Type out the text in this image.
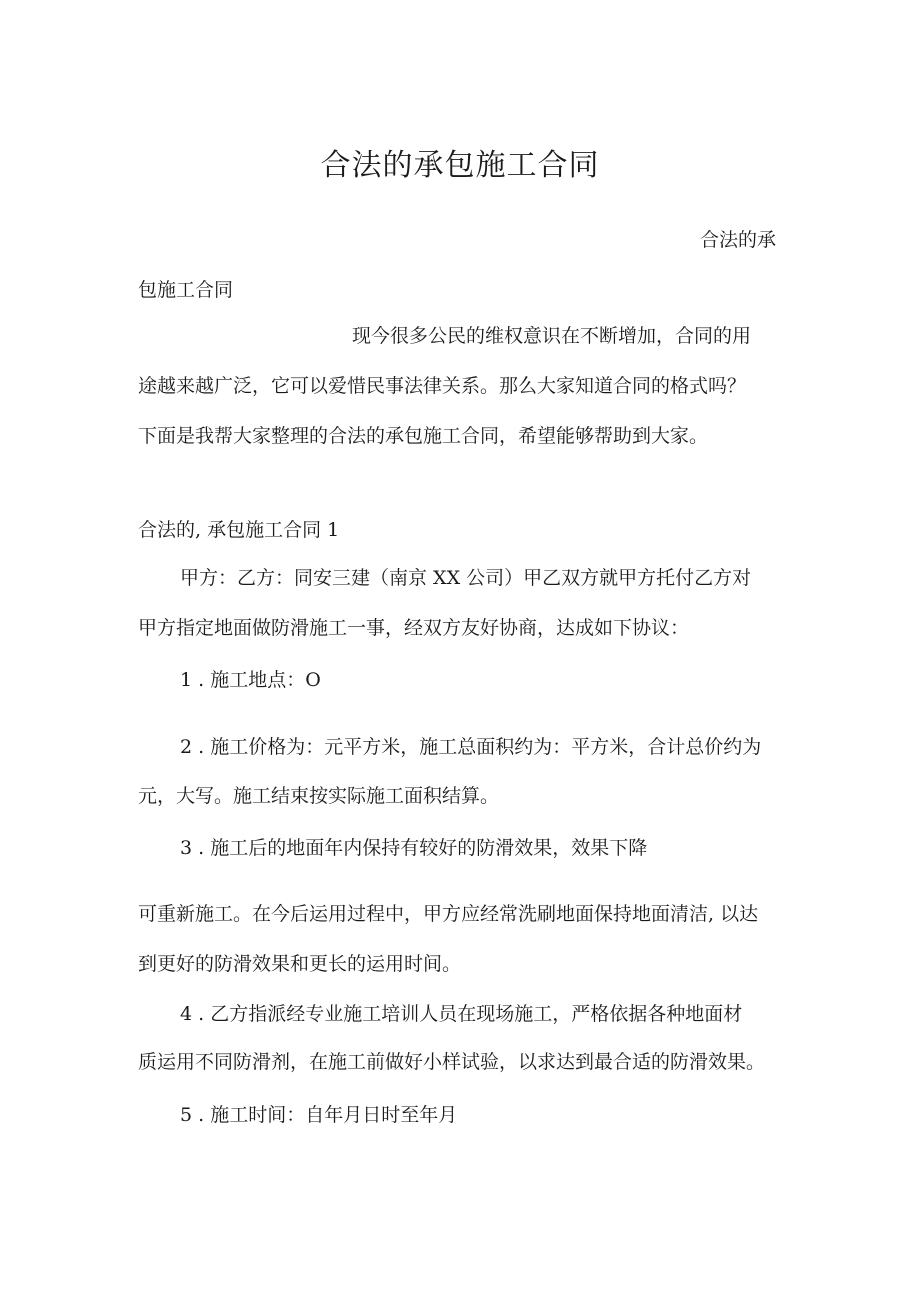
合法的承包施工合同
合法的承
包施工合同
现今很多公民的维权意识在不断增加，合同的用
途越来越广泛，它可以爱惜民事法律关系。那么大家知道合同的格式吗？
下面是我帮大家整理的合法的承包施工合同，希望能够帮助到大家。
合法的, 承包施工合同 1
甲方：乙方：同安三建（南京 XX 公司）甲乙双方就甲方托付乙方对
甲方指定地面做防滑施工一事，经双方友好协商，达成如下协议：
1 . 施工地点：O
2 . 施工价格为：元平方米，施工总面积约为：平方米，合计总价约为
元，大写。施工结束按实际施工面积结算。
3 . 施工后的地面年内保持有较好的防滑效果，效果下降
可重新施工。在今后运用过程中，甲方应经常洗刷地面保持地面清洁, 以达
到更好的防滑效果和更长的运用时间。
4 . 乙方指派经专业施工培训人员在现场施工，严格依据各种地面材
质运用不同防滑剂，在施工前做好小样试验，以求达到最合适的防滑效果。
5 . 施工时间：自年月日时至年月
